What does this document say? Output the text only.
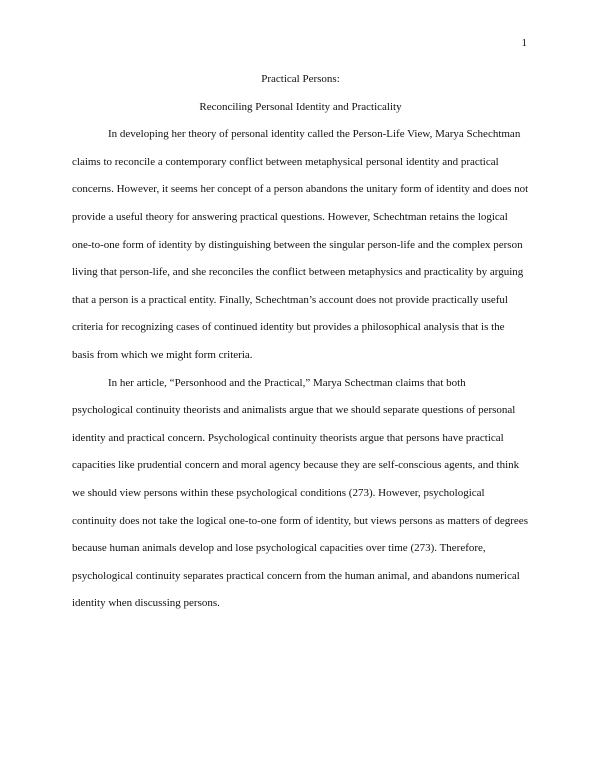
1

Practical Persons:

Reconciling Personal Identity and Practicality

In developing her theory of personal identity called the Person-Life View, Marya Schechtman claims to reconcile a contemporary conflict between metaphysical personal identity and practical concerns. However, it seems her concept of a person abandons the unitary form of identity and does not provide a useful theory for answering practical questions. However, Schechtman retains the logical one-to-one form of identity by distinguishing between the singular person-life and the complex person living that person-life, and she reconciles the conflict between metaphysics and practicality by arguing that a person is a practical entity. Finally, Schechtman’s account does not provide practically useful criteria for recognizing cases of continued identity but provides a philosophical analysis that is the basis from which we might form criteria.

In her article, “Personhood and the Practical,” Marya Schectman claims that both psychological continuity theorists and animalists argue that we should separate questions of personal identity and practical concern. Psychological continuity theorists argue that persons have practical capacities like prudential concern and moral agency because they are self-conscious agents, and think we should view persons within these psychological conditions (273). However, psychological continuity does not take the logical one-to-one form of identity, but views persons as matters of degrees because human animals develop and lose psychological capacities over time (273). Therefore, psychological continuity separates practical concern from the human animal, and abandons numerical identity when discussing persons.
